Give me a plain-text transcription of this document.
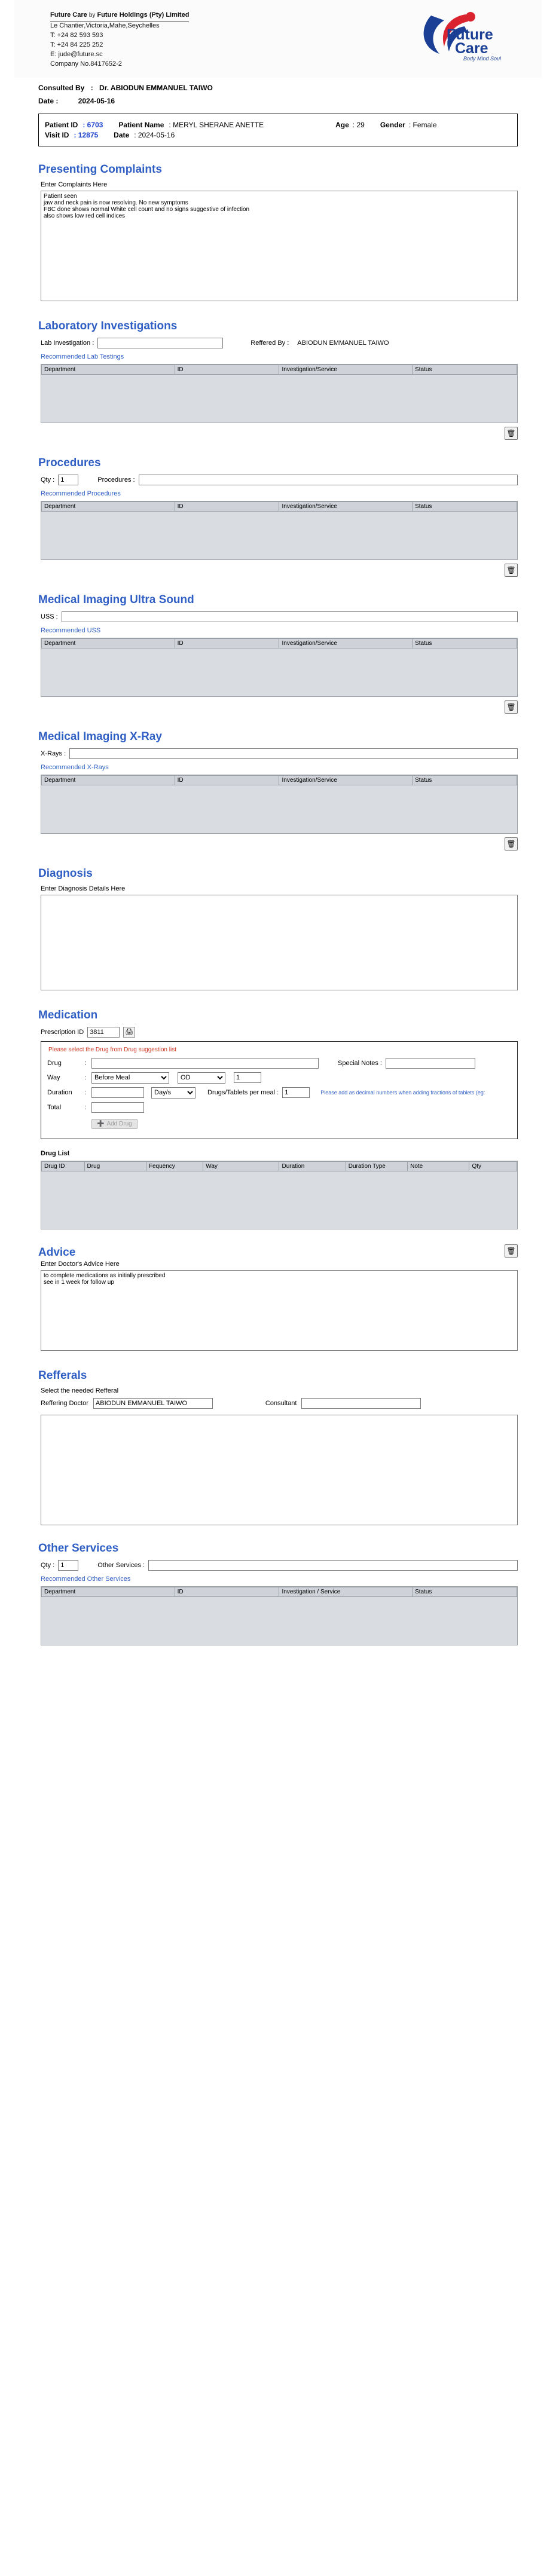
Future Care by Future Holdings (Pty) Limited
Le Chantier,Victoria,Mahe,Seychelles
T: +24 82 593 593
T: +24 84 225 252
E: jude@future.sc
Company No.8417652-2
Future
Care
Body Mind Soul
Consulted By : Dr. ABIODUN EMMANUEL TAIWO
Date :	2024-05-16
Patient ID : 6703 Patient Name : MERYL SHERANE ANETTE	Age : 29 Gender : Female
Visit ID : 12875 Date : 2024-05-16
Presenting Complaints
Enter Complaints Here
Patient seen jaw and neck pain is now resolving. No new symptoms FBC done shows normal White cell count and no signs suggestive of infection also shows low red cell indices
Laboratory Investigations
Lab Investigation :	Reffered By : ABIODUN EMMANUEL TAIWO
Recommended Lab Testings
Department	ID	Investigation/Service	Status
🗑
Procedures
Qty :
1	Procedures :
Recommended Procedures
Department	ID	Investigation/Service	Status
🗑
Medical Imaging Ultra Sound
USS :
Recommended USS
Department	ID	Investigation/Service	Status
🗑
Medical Imaging X-Ray
X-Rays :
Recommended X-Rays
Department	ID	Investigation/Service	Status
🗑
Diagnosis
Enter Diagnosis Details Here
Medication
Prescription ID
3811	🖨
Please select the Drug from Drug suggestion list
Drug	:	Special Notes :
Way	:
Before Meal
OD
1
Duration	:
Day/s	Drugs/Tablets per meal :
1	Please add as decimal numbers when adding fractions of tablets (eg:
Total	:
➕ Add Drug
Drug List
Drug ID	Drug	Fequency	Way	Duration	Duration Type	Note	Qty
Advice	🗑
Enter Doctor's Advice Here
to complete medications as initially prescribed see in 1 week for follow up
Refferals
Select the needed Refferal
Reffering Doctor
ABIODUN EMMANUEL TAIWO	Consultant
Other Services
Qty :
1	Other Services :
Recommended Other Services
Department	ID	Investigation / Service	Status
